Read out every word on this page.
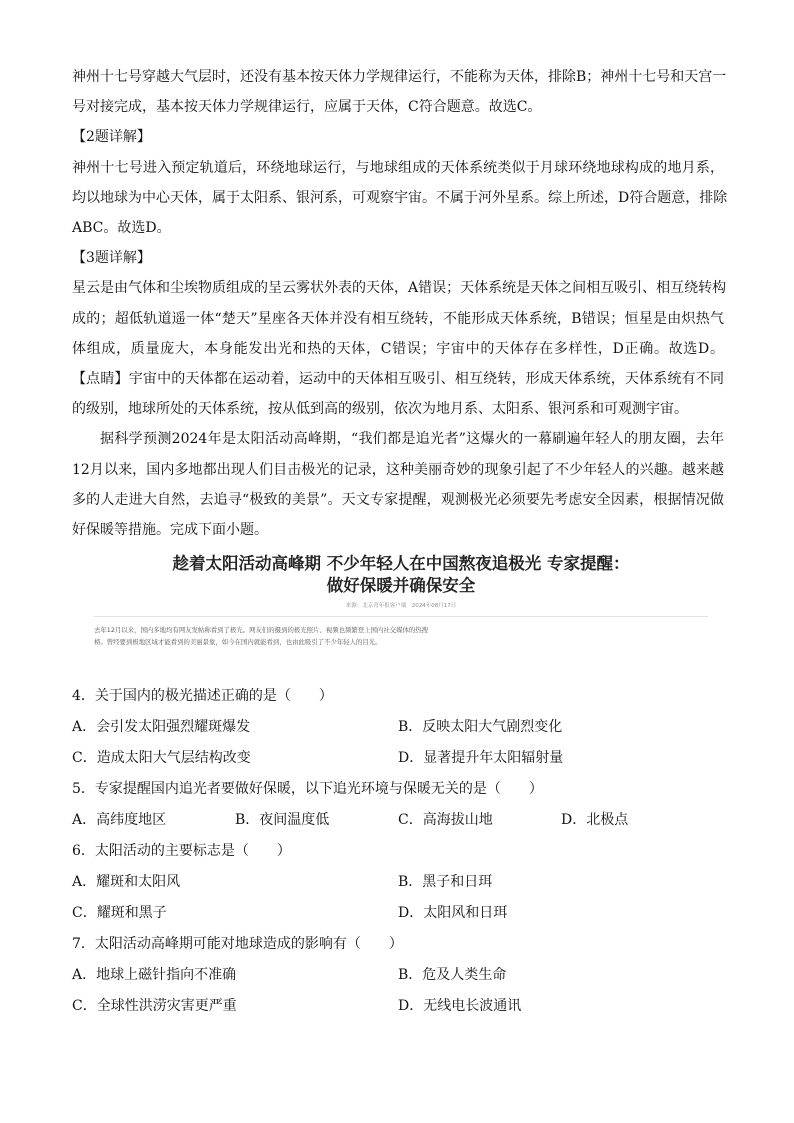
神州十七号穿越大气层时，还没有基本按天体力学规律运行，不能称为天体，排除B；神州十七号和天宫一

号对接完成，基本按天体力学规律运行，应属于天体，C符合题意。故选C。

【2题详解】

神州十七号进入预定轨道后，环绕地球运行，与地球组成的天体系统类似于月球环绕地球构成的地月系，

均以地球为中心天体，属于太阳系、银河系，可观察宇宙。不属于河外星系。综上所述，D符合题意，排除

ABC。故选D。

【3题详解】

星云是由气体和尘埃物质组成的呈云雾状外表的天体，A错误；天体系统是天体之间相互吸引、相互绕转构

成的；超低轨道遥一体“楚天”星座各天体并没有相互绕转，不能形成天体系统，B错误；恒星是由炽热气

体组成，质量庞大，本身能发出光和热的天体，C错误；宇宙中的天体存在多样性，D正确。故选D。

【点睛】宇宙中的天体都在运动着，运动中的天体相互吸引、相互绕转，形成天体系统，天体系统有不同

的级别，地球所处的天体系统，按从低到高的级别，依次为地月系、太阳系、银河系和可观测宇宙。

据科学预测2024年是太阳活动高峰期，“我们都是追光者”这爆火的一幕刷遍年轻人的朋友圈，去年

12月以来，国内多地都出现人们目击极光的记录，这种美丽奇妙的现象引起了不少年轻人的兴趣。越来越

多的人走进大自然，去追寻“极致的美景”。天文专家提醒，观测极光必须要先考虑安全因素，根据情况做

好保暖等措施。完成下面小题。

趁着太阳活动高峰期 不少年轻人在中国熬夜追极光 专家提醒：
做好保暖并确保安全
来源：北京青年报客户端　2024年08月17日
去年12月以来，国内多地均有网友发帖称看到了极光。网友们的摄到的极光照片、视频也频繁登上国内社交媒体的热搜
榜。曾经要到极地区域才能看到的美丽景象，如今在国内就能看到，也由此吸引了不少年轻人的目光。

4．关于国内的极光描述正确的是（　　）

A．会引发太阳强烈耀斑爆发	B．反映太阳大气剧烈变化
C．造成太阳大气层结构改变	D．显著提升年太阳辐射量

5．专家提醒国内追光者要做好保暖，以下追光环境与保暖无关的是（　　）

A．高纬度地区	B．夜间温度低	C．高海拔山地	D．北极点

6．太阳活动的主要标志是（　　）

A．耀斑和太阳风	B．黑子和日珥
C．耀斑和黑子	D．太阳风和日珥

7．太阳活动高峰期可能对地球造成的影响有（　　）

A．地球上磁针指向不准确	B．危及人类生命
C．全球性洪涝灾害更严重	D．无线电长波通讯
